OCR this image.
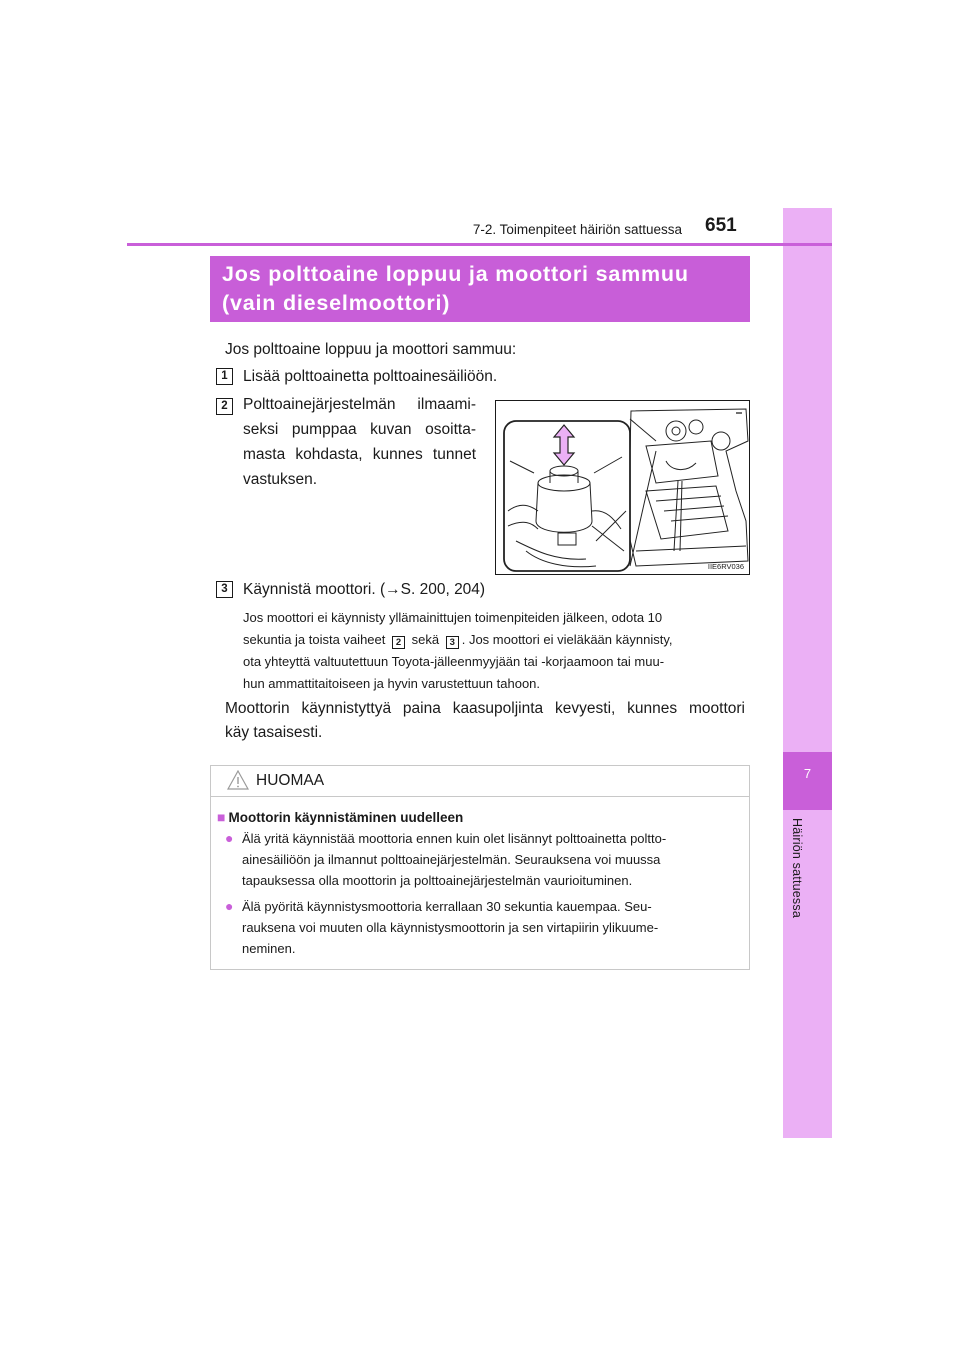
7
Häiriön sattuessa
7-2. Toimenpiteet häiriön sattuessa 651
Jos polttoaine loppuu ja moottori sammuu
(vain dieselmoottori)
Jos polttoaine loppuu ja moottori sammuu:
1 Lisää polttoainetta polttoainesäiliöön.
2 Polttoainejärjestelmän ilmaami-
seksi pumppaa kuvan osoitta-
masta kohdasta, kunnes tunnet
vastuksen.
IIE6RV036
3 Käynnistä moottori. (→S. 200, 204)

Jos moottori ei käynnisty yllämainittujen toimenpiteiden jälkeen, odota 10

sekuntia ja toista vaiheet 2 sekä 3 . Jos moottori ei vieläkään käynnisty,

ota yhteyttä valtuutettuun Toyota-jälleenmyyjään tai -korjaamoon tai muu-

hun ammattitaitoiseen ja hyvin varustettuun tahoon.

Moottorin käynnistyttyä paina kaasupoljinta kevyesti, kunnes moottori

käy tasaisesti.

HUOMAA
■ Moottorin käynnistäminen uudelleen
● Älä yritä käynnistää moottoria ennen kuin olet lisännyt polttoainetta poltto-

ainesäiliöön ja ilmannut polttoainejärjestelmän. Seurauksena voi muussa

tapauksessa olla moottorin ja polttoainejärjestelmän vaurioituminen.

● Älä pyöritä käynnistysmoottoria kerrallaan 30 sekuntia kauempaa. Seu-

rauksena voi muuten olla käynnistysmoottorin ja sen virtapiirin ylikuume-

neminen.
